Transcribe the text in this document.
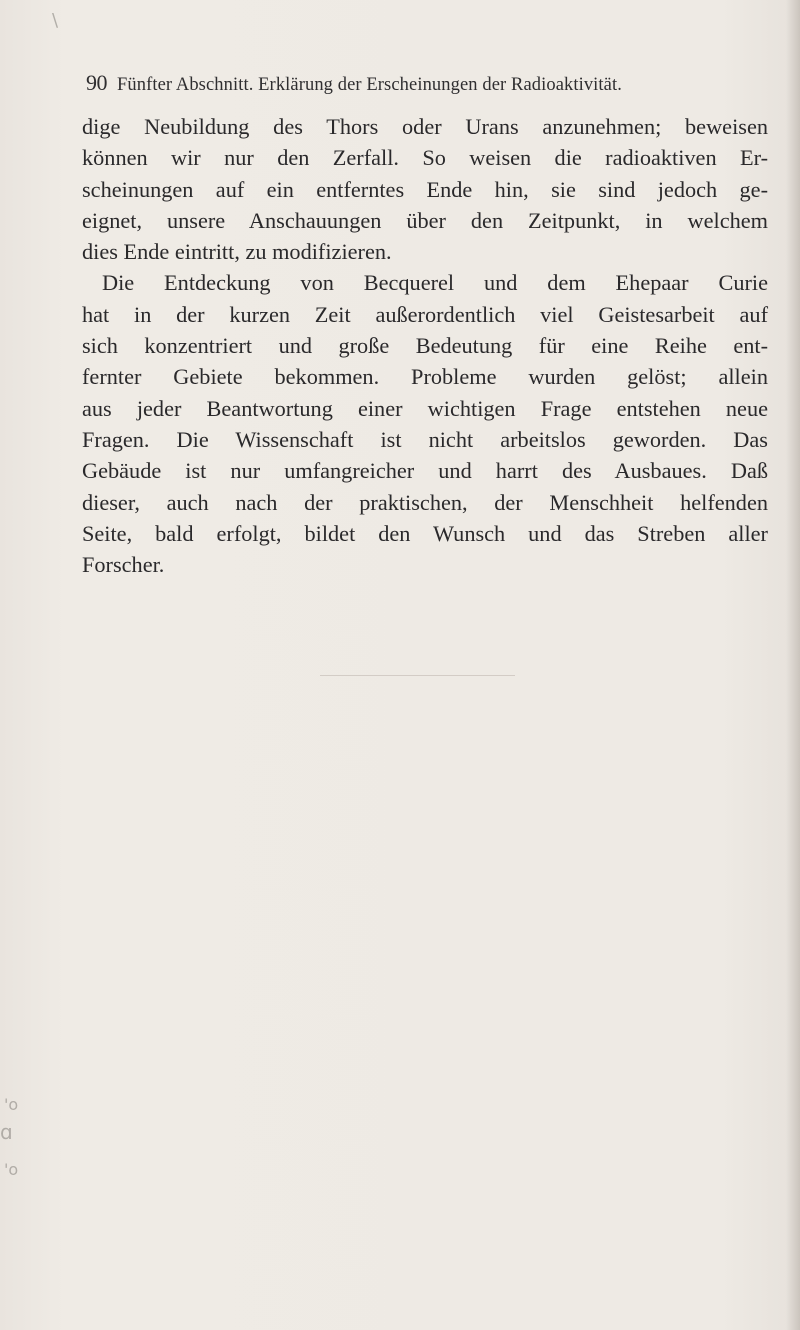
\
'o
ɑ
'o
90 Fünfter Abschnitt. Erklärung der Erscheinungen der Radioaktivität.
dige Neubildung des Thors oder Urans anzunehmen; beweisen
können wir nur den Zerfall. So weisen die radioaktiven Er-
scheinungen auf ein entferntes Ende hin, sie sind jedoch ge-
eignet, unsere Anschauungen über den Zeitpunkt, in welchem
dies Ende eintritt, zu modifizieren.
Die Entdeckung von Becquerel und dem Ehepaar Curie
hat in der kurzen Zeit außerordentlich viel Geistesarbeit auf
sich konzentriert und große Bedeutung für eine Reihe ent-
fernter Gebiete bekommen. Probleme wurden gelöst; allein
aus jeder Beantwortung einer wichtigen Frage entstehen neue
Fragen. Die Wissenschaft ist nicht arbeitslos geworden. Das
Gebäude ist nur umfangreicher und harrt des Ausbaues. Daß
dieser, auch nach der praktischen, der Menschheit helfenden
Seite, bald erfolgt, bildet den Wunsch und das Streben aller
Forscher.
